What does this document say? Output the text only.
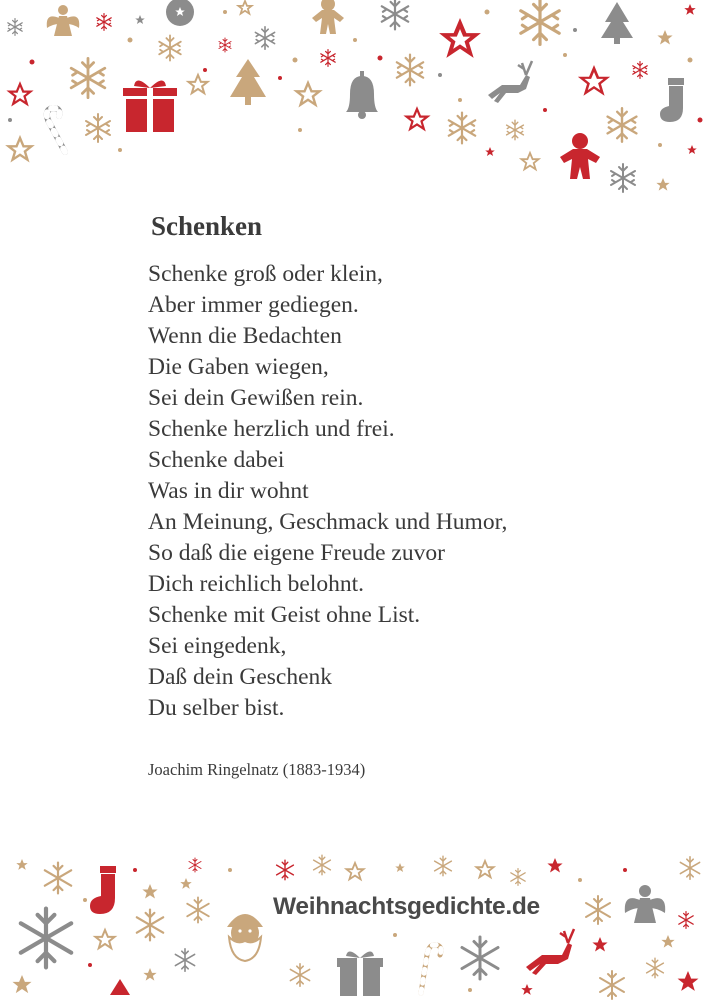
Schenken
Schenke groß oder klein,
Aber immer gediegen.
Wenn die Bedachten
Die Gaben wiegen,
Sei dein Gewißen rein.
Schenke herzlich und frei.
Schenke dabei
Was in dir wohnt
An Meinung, Geschmack und Humor,
So daß die eigene Freude zuvor
Dich reichlich belohnt.
Schenke mit Geist ohne List.
Sei eingedenk,
Daß dein Geschenk
Du selber bist.
Joachim Ringelnatz (1883-1934)
Weihnachtsgedichte.de
